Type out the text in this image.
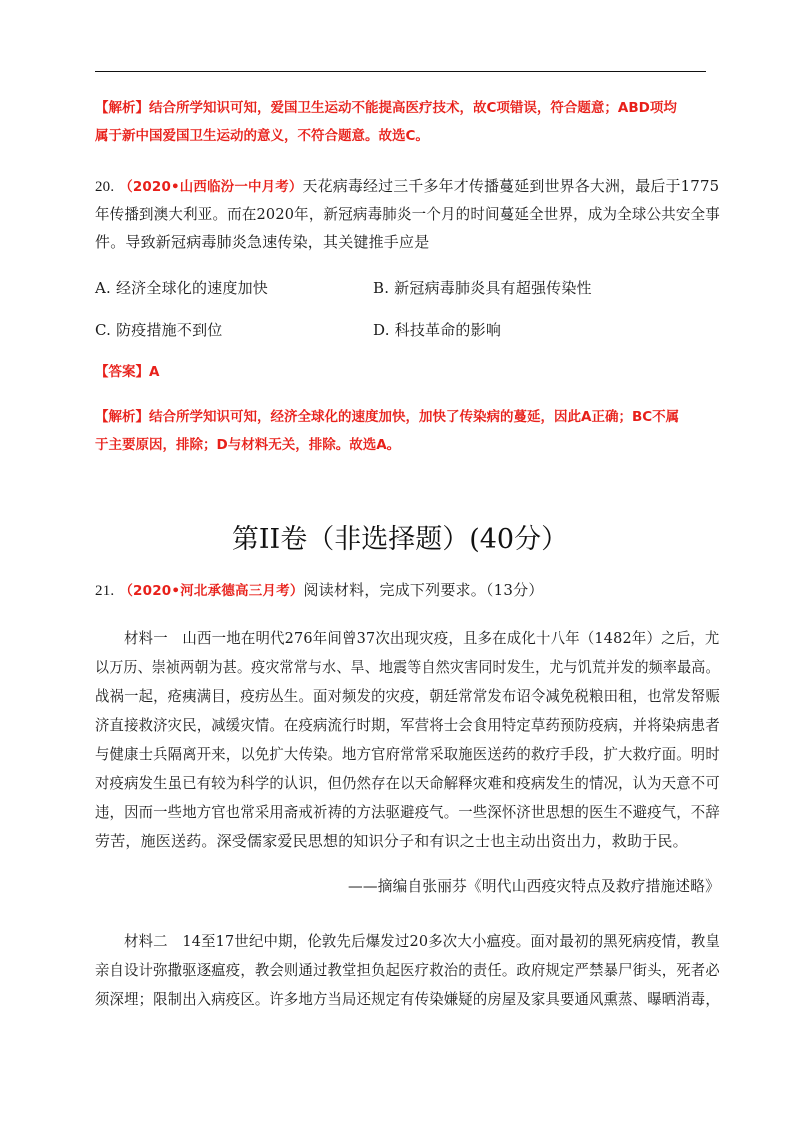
【解析】结合所学知识可知，爱国卫生运动不能提高医疗技术，故C项错误，符合题意；ABD项均
属于新中国爱国卫生运动的意义，不符合题意。故选C。
20. （2020•山西临汾一中月考）天花病毒经过三千多年才传播蔓延到世界各大洲，最后于1775
年传播到澳大利亚。而在2020年，新冠病毒肺炎一个月的时间蔓延全世界，成为全球公共安全事
件。导致新冠病毒肺炎急速传染，其关键推手应是
A. 经济全球化的速度加快	B. 新冠病毒肺炎具有超强传染性
C. 防疫措施不到位	D. 科技革命的影响
【答案】A
【解析】结合所学知识可知，经济全球化的速度加快，加快了传染病的蔓延，因此A正确；BC不属
于主要原因，排除；D与材料无关，排除。故选A。
第II卷（非选择题）(40分）
21. （2020•河北承德高三月考）阅读材料，完成下列要求。（13分）
材料一　山西一地在明代276年间曾37次出现灾疫，且多在成化十八年（1482年）之后，尤
以万历、崇祯两朝为甚。疫灾常常与水、旱、地震等自然灾害同时发生，尤与饥荒并发的频率最高。
战祸一起，疮痍满目，疫疠丛生。面对频发的灾疫，朝廷常常发布诏令减免税粮田租，也常发帑赈
济直接救济灾民，减缓灾情。在疫病流行时期，军营将士会食用特定草药预防疫病，并将染病患者
与健康士兵隔离开来，以免扩大传染。地方官府常常采取施医送药的救疗手段，扩大救疗面。明时
对疫病发生虽已有较为科学的认识，但仍然存在以天命解释灾难和疫病发生的情况，认为天意不可
违，因而一些地方官也常采用斋戒祈祷的方法驱避疫气。一些深怀济世思想的医生不避疫气，不辞
劳苦，施医送药。深受儒家爱民思想的知识分子和有识之士也主动出资出力，救助于民。
——摘编自张丽芬《明代山西疫灾特点及救疗措施述略》
材料二　14至17世纪中期，伦敦先后爆发过20多次大小瘟疫。面对最初的黑死病疫情，教皇
亲自设计弥撒驱逐瘟疫，教会则通过教堂担负起医疗救治的责任。政府规定严禁暴尸街头，死者必
须深埋；限制出入病疫区。许多地方当局还规定有传染嫌疑的房屋及家具要通风熏蒸、曝晒消毒，
